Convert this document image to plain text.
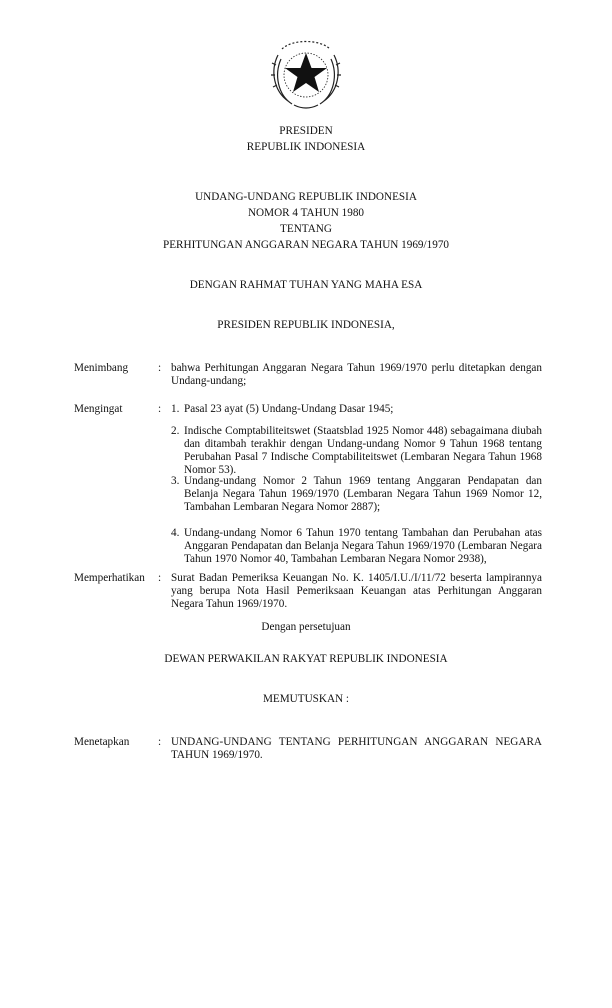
PRESIDEN
REPUBLIK INDONESIA
UNDANG-UNDANG REPUBLIK INDONESIA
NOMOR 4 TAHUN 1980
TENTANG
PERHITUNGAN ANGGARAN NEGARA TAHUN 1969/1970
DENGAN RAHMAT TUHAN YANG MAHA ESA
PRESIDEN REPUBLIK INDONESIA,
Menimbang	: bahwa Perhitungan Anggaran Negara Tahun 1969/1970 perlu ditetapkan dengan Undang-undang;
Mengingat	: 1. Pasal 23 ayat (5) Undang-Undang Dasar 1945;
2. Indische Comptabiliteitswet (Staatsblad 1925 Nomor 448) sebagaimana diubah dan ditambah terakhir dengan Undang-undang Nomor 9 Tahun 1968 tentang Perubahan Pasal 7 Indische Comptabiliteitswet (Lembaran Negara Tahun 1968 Nomor 53).
3. Undang-undang Nomor 2 Tahun 1969 tentang Anggaran Pendapatan dan Belanja Negara Tahun 1969/1970 (Lembaran Negara Tahun 1969 Nomor 12, Tambahan Lembaran Negara Nomor 2887);
4. Undang-undang Nomor 6 Tahun 1970 tentang Tambahan dan Perubahan atas Anggaran Pendapatan dan Belanja Negara Tahun 1969/1970 (Lembaran Negara Tahun 1970 Nomor 40, Tambahan Lembaran Negara Nomor 2938),
Memperhatikan : Surat Badan Pemeriksa Keuangan No. K. 1405/I.U./I/11/72 beserta lampirannya yang berupa Nota Hasil Pemeriksaan Keuangan atas Perhitungan Anggaran Negara Tahun 1969/1970.
Dengan persetujuan
DEWAN PERWAKILAN RAKYAT REPUBLIK INDONESIA
MEMUTUSKAN :
Menetapkan	: UNDANG-UNDANG TENTANG PERHITUNGAN ANGGARAN NEGARA TAHUN 1969/1970.
